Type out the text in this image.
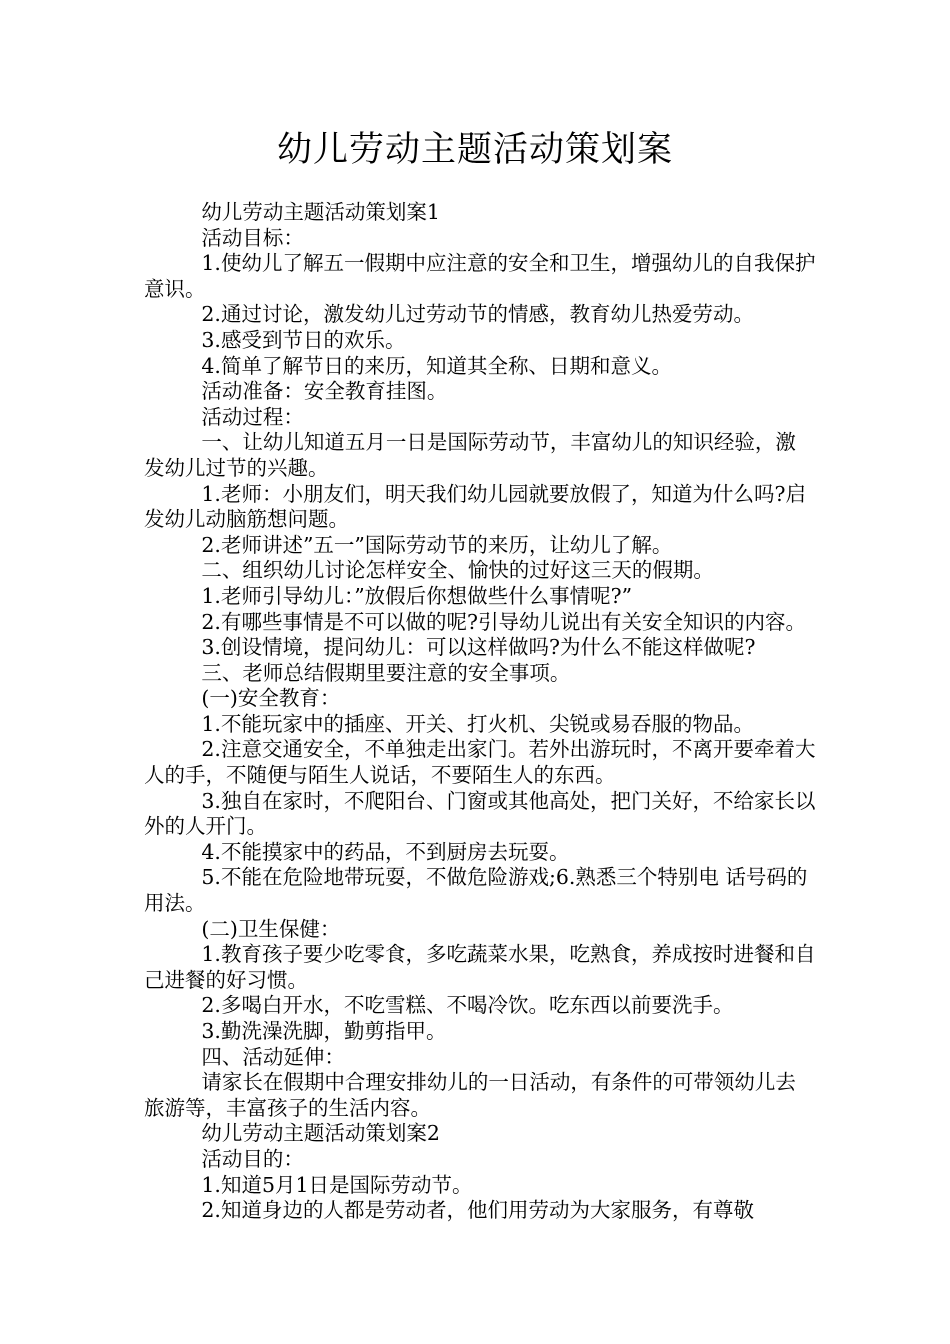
幼儿劳动主题活动策划案

幼儿劳动主题活动策划案1

活动目标：

1.使幼儿了解五一假期中应注意的安全和卫生，增强幼儿的自我保护意识。

2.通过讨论，激发幼儿过劳动节的情感，教育幼儿热爱劳动。

3.感受到节日的欢乐。

4.简单了解节日的来历，知道其全称、日期和意义。

活动准备：安全教育挂图。

活动过程：

一、让幼儿知道五月一日是国际劳动节，丰富幼儿的知识经验，激发幼儿过节的兴趣。

1.老师：小朋友们，明天我们幼儿园就要放假了，知道为什么吗?启发幼儿动脑筋想问题。

2.老师讲述”五一”国际劳动节的来历，让幼儿了解。

二、组织幼儿讨论怎样安全、愉快的过好这三天的假期。

1.老师引导幼儿：”放假后你想做些什么事情呢?”

2.有哪些事情是不可以做的呢?引导幼儿说出有关安全知识的内容。

3.创设情境，提问幼儿：可以这样做吗?为什么不能这样做呢?

三、老师总结假期里要注意的安全事项。

(一)安全教育：

1.不能玩家中的插座、开关、打火机、尖锐或易吞服的物品。

2.注意交通安全，不单独走出家门。若外出游玩时，不离开要牵着大人的手，不随便与陌生人说话，不要陌生人的东西。

3.独自在家时，不爬阳台、门窗或其他高处，把门关好，不给家长以外的人开门。

4.不能摸家中的药品，不到厨房去玩耍。

5.不能在危险地带玩耍，不做危险游戏;6.熟悉三个特别电 话号码的用法。

(二)卫生保健：

1.教育孩子要少吃零食，多吃蔬菜水果，吃熟食，养成按时进餐和自己进餐的好习惯。

2.多喝白开水，不吃雪糕、不喝冷饮。吃东西以前要洗手。

3.勤洗澡洗脚，勤剪指甲。

四、活动延伸：

请家长在假期中合理安排幼儿的一日活动，有条件的可带领幼儿去旅游等，丰富孩子的生活内容。

幼儿劳动主题活动策划案2

活动目的：

1.知道5月1日是国际劳动节。

2.知道身边的人都是劳动者，他们用劳动为大家服务，有尊敬
